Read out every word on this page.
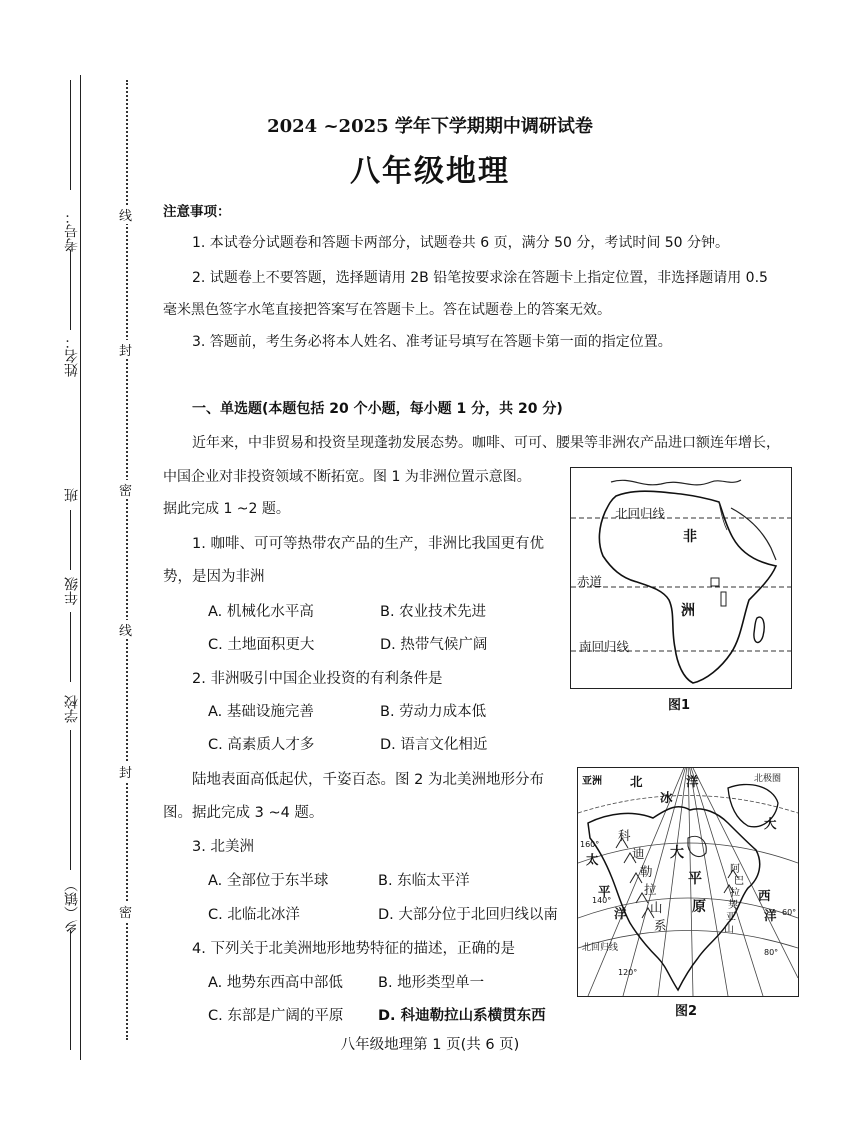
考号：
姓名：
班
年级
学校
乡（镇）
线
封
密
线
封
密
2024 ~2025 学年下学期期中调研试卷
八年级地理
注意事项：
1. 本试卷分试题卷和答题卡两部分，试题卷共 6 页，满分 50 分，考试时间 50 分钟。
2. 试题卷上不要答题，选择题请用 2B 铅笔按要求涂在答题卡上指定位置，非选择题请用 0.5
毫米黑色签字水笔直接把答案写在答题卡上。答在试题卷上的答案无效。
3. 答题前，考生务必将本人姓名、准考证号填写在答题卡第一面的指定位置。
一、单选题(本题包括 20 个小题，每小题 1 分，共 20 分)
近年来，中非贸易和投资呈现蓬勃发展态势。咖啡、可可、腰果等非洲农产品进口额连年增长，
中国企业对非投资领域不断拓宽。图 1 为非洲位置示意图。
据此完成 1 ~2 题。
1. 咖啡、可可等热带农产品的生产，非洲比我国更有优
势，是因为非洲
A. 机械化水平高	B. 农业技术先进
C. 土地面积更大	D. 热带气候广阔
2. 非洲吸引中国企业投资的有利条件是
A. 基础设施完善	B. 劳动力成本低
C. 高素质人才多	D. 语言文化相近
陆地表面高低起伏，千姿百态。图 2 为北美洲地形分布
图。据此完成 3 ~4 题。
3. 北美洲
A. 全部位于东半球	B. 东临太平洋
C. 北临北冰洋	D. 大部分位于北回归线以南
4. 下列关于北美洲地形地势特征的描述，正确的是
A. 地势东西高中部低 B. 地形类型单一
C. 东部是广阔的平原 D. 科迪勒拉山系横贯东西
北回归线
赤道
南回归线
非
洲
图1
亚洲 北
冰
洋	北极圈
大
西
洋
太
平
洋
科
迪
勒
拉
山
系
大
平
原
阿
巴
拉
契
亚
山
北回归线
160°
140°
120°
60°
80°
图2
八年级地理第 1 页(共 6 页)
